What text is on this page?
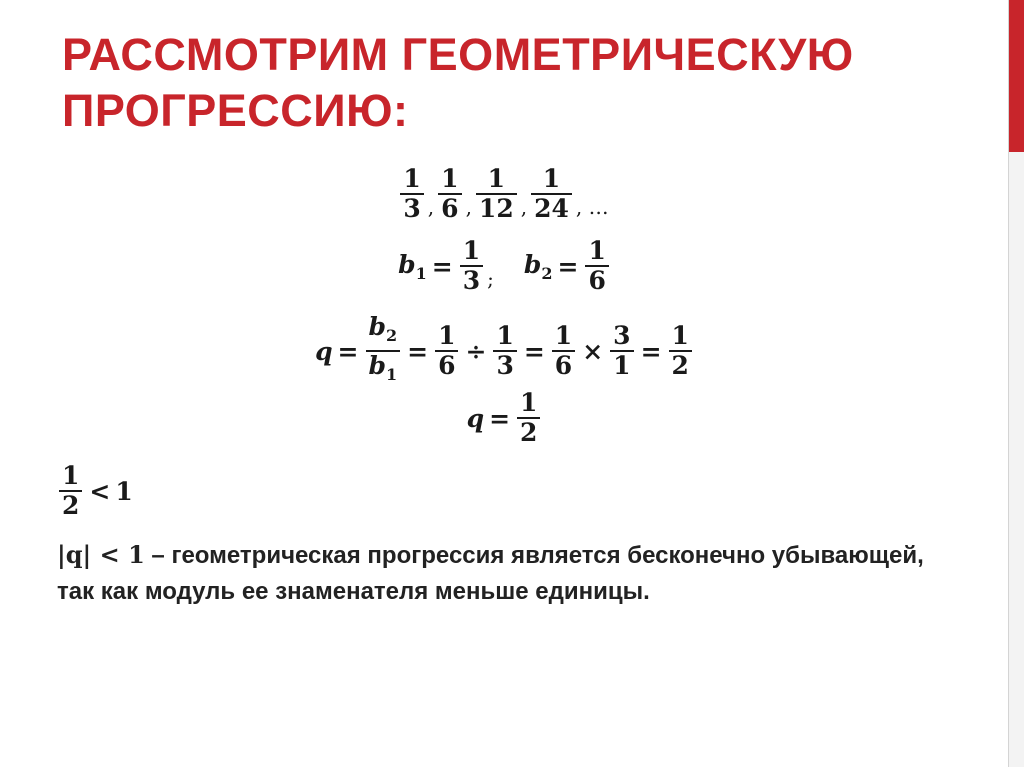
РАССМОТРИМ ГЕОМЕТРИЧЕСКУЮ ПРОГРЕССИЮ:
$\frac{1}{3}$ , $\frac{1}{6}$ , $\frac{1}{12}$ , $\frac{1}{24}$ , …
$b_1 = \frac{1}{3}$ ;
$b_2 = \frac{1}{6}$
$q = \frac{b_2}{b_1} = \frac{1}{6} \div \frac{1}{3} = \frac{1}{6} \times \frac{3}{1} = \frac{1}{2}$
$q = \frac{1}{2}$
$\frac{1}{2} < 1$
|q| < 1 – геометрическая прогрессия является бесконечно убывающей, так как модуль ее знаменателя меньше единицы.
